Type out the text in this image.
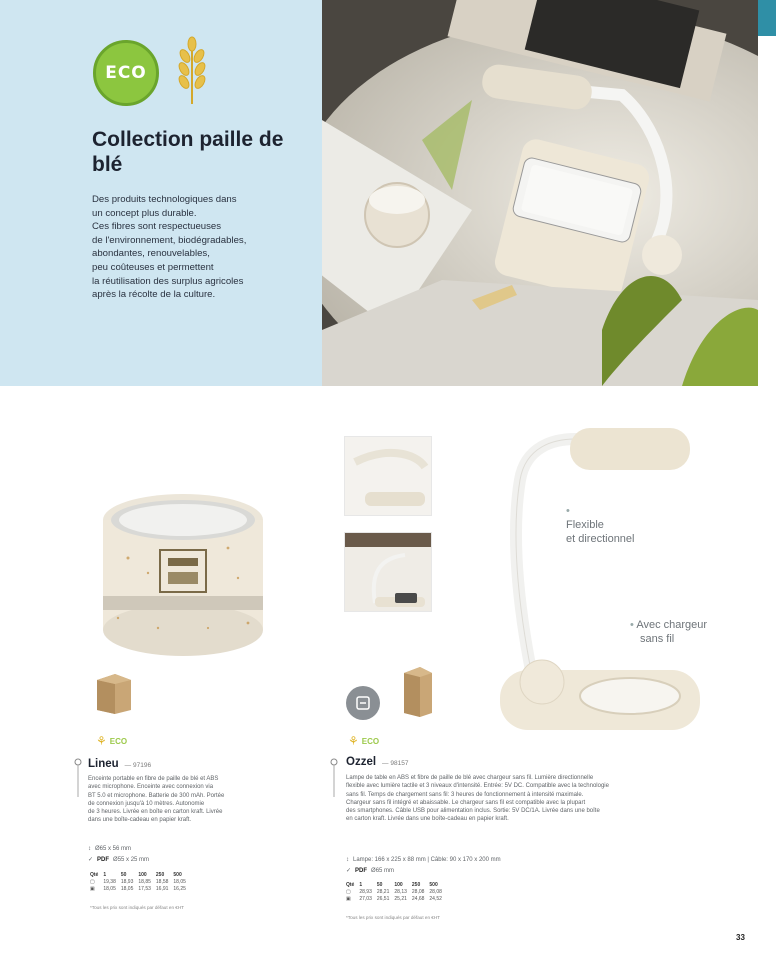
ECO
Collection paille de blé
Des produits technologiques dans
un concept plus durable.
Ces fibres sont respectueuses
de l'environnement, biodégradables,
abondantes, renouvelables,
peu coûteuses et permettent
la réutilisation des surplus agricoles
après la récolte de la culture.
⚘ ECO
Lineu — 97196
Enceinte portable en fibre de paille de blé et ABS
avec microphone. Enceinte avec connexion via
BT 5.0 et microphone. Batterie de 300 mAh. Portée
de connexion jusqu'à 10 mètres. Autonomie
de 3 heures. Livrée en boîte en carton kraft. Livrée
dans une boîte-cadeau en papier kraft.
↕ Ø65 x 56 mm
✓ PDF Ø55 x 25 mm
Qté	1	50	100	250	500
▢	19,38	18,93	18,85	18,58	18,05
▣	18,05	18,05	17,53	16,91	16,25
*Tous les prix sont indiqués par défaut en €HT
•
Flexible
et directionnel
• Avec chargeur
sans fil
⚘ ECO
Ozzel — 98157
Lampe de table en ABS et fibre de paille de blé avec chargeur sans fil. Lumière directionnelle
flexible avec lumière tactile et 3 niveaux d'intensité. Entrée: 5V DC. Compatible avec la technologie
sans fil. Temps de chargement sans fil: 3 heures de fonctionnement à intensité maximale.
Chargeur sans fil intégré et abaissable. Le chargeur sans fil est compatible avec la plupart
des smartphones. Câble USB pour alimentation inclus. Sortie: 5V DC/1A. Livrée dans une boîte
en carton kraft. Livrée dans une boîte-cadeau en papier kraft.
↕ Lampe: 166 x 225 x 88 mm | Câble: 90 x 170 x 200 mm
✓ PDF Ø65 mm
Qté	1	50	100	250	500
▢	28,93	28,21	28,13	28,08	28,08
▣	27,03	26,51	25,21	24,68	24,52
*Tous les prix sont indiqués par défaut en €HT
33
